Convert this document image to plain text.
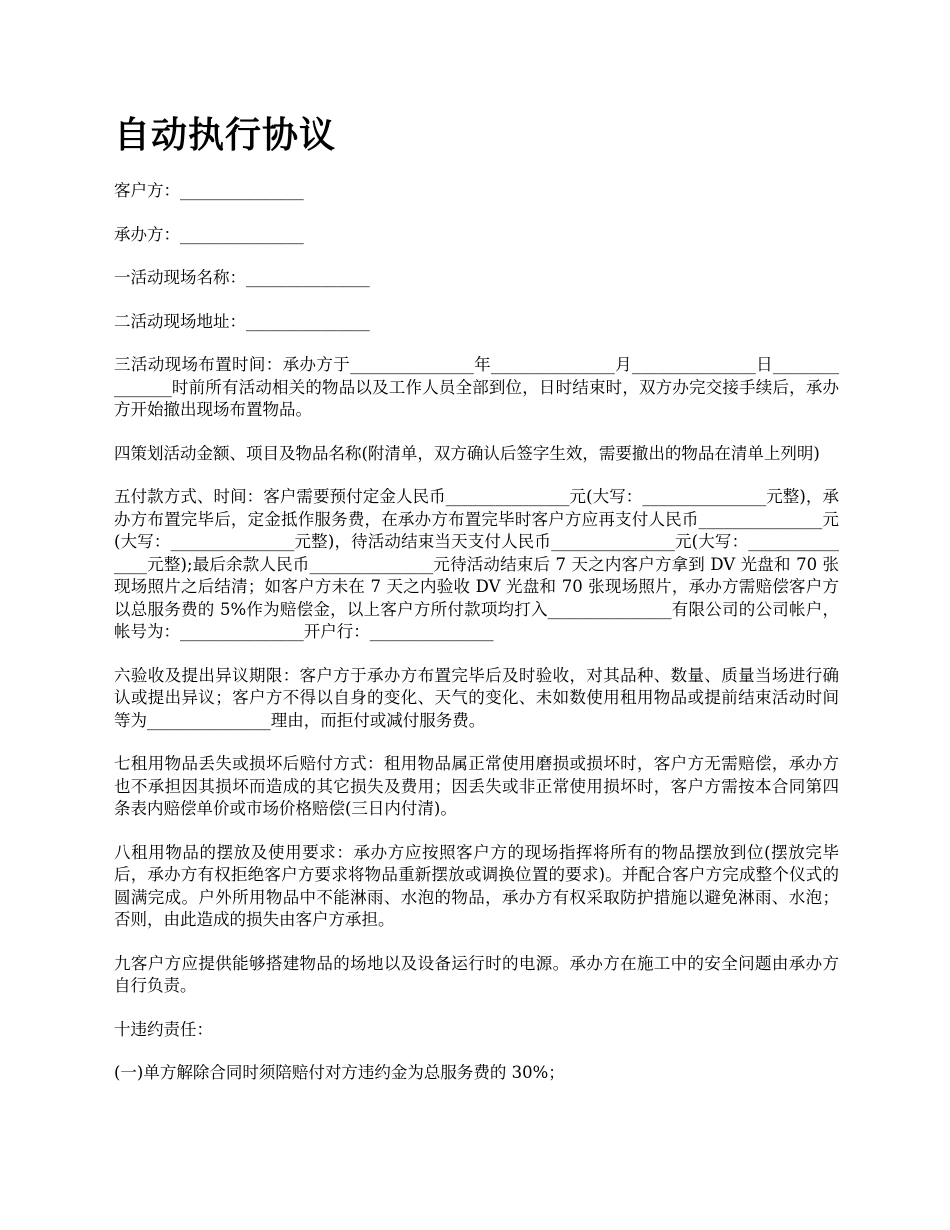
自动执行协议

客户方：_______________

承办方：_______________

一活动现场名称：_______________

二活动现场地址：_______________

三活动现场布置时间：承办方于_______________年_______________月_______________日_______________时前所有活动相关的物品以及工作人员全部到位，日时结束时，双方办完交接手续后，承办方开始撤出现场布置物品。

四策划活动金额、项目及物品名称(附清单，双方确认后签字生效，需要撤出的物品在清单上列明)

五付款方式、时间：客户需要预付定金人民币_______________元(大写：_______________元整)，承办方布置完毕后，定金抵作服务费，在承办方布置完毕时客户方应再支付人民币_______________元(大写：_______________元整)，待活动结束当天支付人民币_______________元(大写：_______________元整);最后余款人民币_______________元待活动结束后 7 天之内客户方拿到 DV 光盘和 70 张现场照片之后结清；如客户方未在 7 天之内验收 DV 光盘和 70 张现场照片，承办方需赔偿客户方以总服务费的 5%作为赔偿金，以上客户方所付款项均打入_______________有限公司的公司帐户，帐号为：_______________开户行：_______________

六验收及提出异议期限：客户方于承办方布置完毕后及时验收，对其品种、数量、质量当场进行确认或提出异议；客户方不得以自身的变化、天气的变化、未如数使用租用物品或提前结束活动时间等为_______________理由，而拒付或减付服务费。

七租用物品丢失或损坏后赔付方式：租用物品属正常使用磨损或损坏时，客户方无需赔偿，承办方也不承担因其损坏而造成的其它损失及费用；因丢失或非正常使用损坏时，客户方需按本合同第四条表内赔偿单价或市场价格赔偿(三日内付清)。

八租用物品的摆放及使用要求：承办方应按照客户方的现场指挥将所有的物品摆放到位(摆放完毕后，承办方有权拒绝客户方要求将物品重新摆放或调换位置的要求)。并配合客户方完成整个仪式的圆满完成。户外所用物品中不能淋雨、水泡的物品，承办方有权采取防护措施以避免淋雨、水泡；否则，由此造成的损失由客户方承担。

九客户方应提供能够搭建物品的场地以及设备运行时的电源。承办方在施工中的安全问题由承办方自行负责。

十违约责任：

(一)单方解除合同时须陪赔付对方违约金为总服务费的 30%；
